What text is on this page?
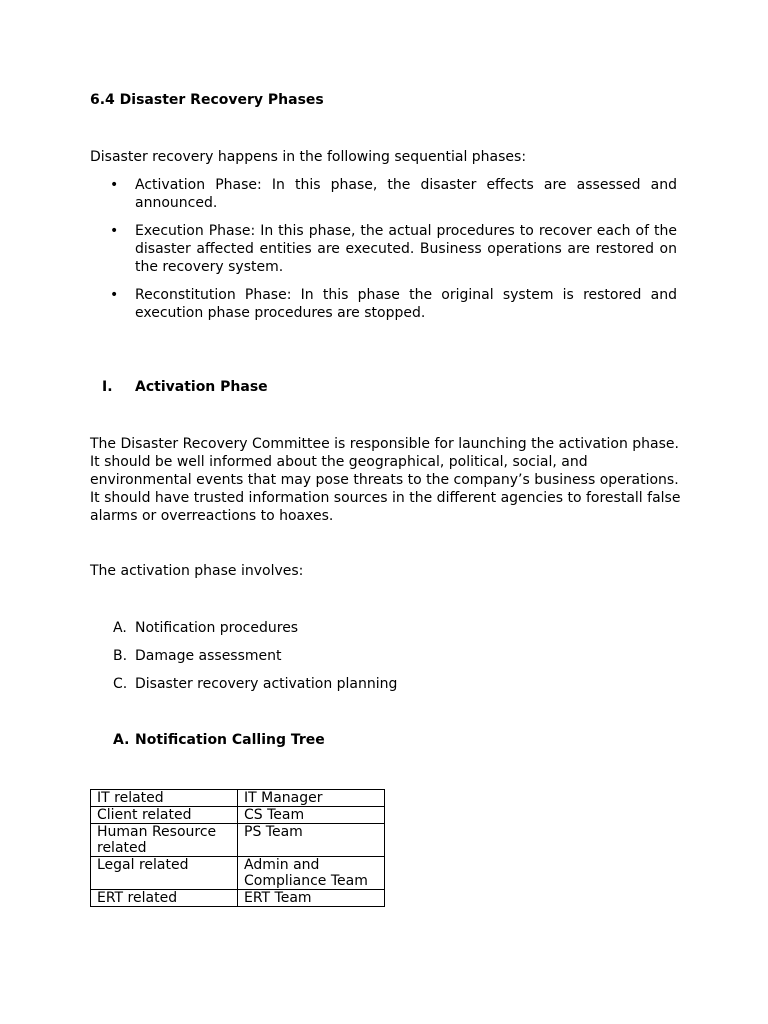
6.4 Disaster Recovery Phases

Disaster recovery happens in the following sequential phases:

• Activation Phase: In this phase, the disaster effects are assessed and announced.
• Execution Phase: In this phase, the actual procedures to recover each of the disaster affected entities are executed. Business operations are restored on the recovery system.
• Reconstitution Phase: In this phase the original system is restored and execution phase procedures are stopped.
I. Activation Phase
The Disaster Recovery Committee is responsible for launching the activation phase.
It should be well informed about the geographical, political, social, and
environmental events that may pose threats to the company’s business operations.
It should have trusted information sources in the different agencies to forestall false
alarms or overreactions to hoaxes.

The activation phase involves:

A. Notification procedures
B. Damage assessment
C. Disaster recovery activation planning
A. Notification Calling Tree
IT related	IT Manager
Client related	CS Team
Human Resource related	PS Team
Legal related	Admin and Compliance Team
ERT related	ERT Team
